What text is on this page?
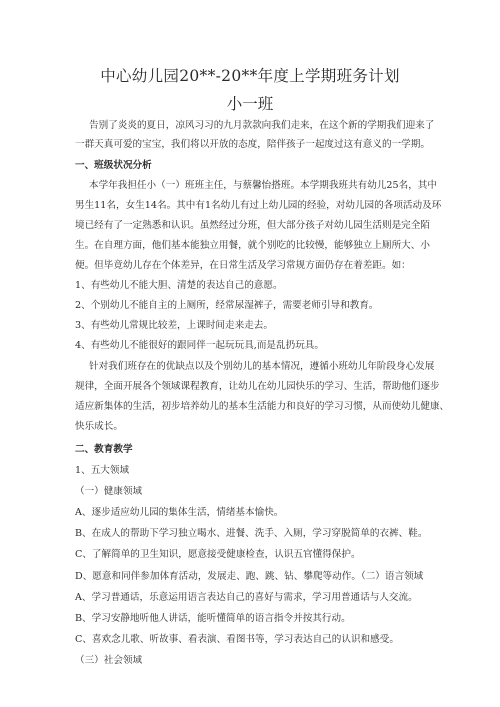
中心幼儿园20**-20**年度上学期班务计划
小一班
告别了炎炎的夏日，凉风习习的九月款款向我们走来，在这个新的学期我们迎来了
一群天真可爱的宝宝，我们将以开放的态度，陪伴孩子一起度过这有意义的一学期。
一、班级状况分析
本学年我担任小（一）班班主任，与蔡馨怡搭班。本学期我班共有幼儿25名，其中
男生11名，女生14名。其中有1名幼儿有过上幼儿园的经验，对幼儿园的各项活动及环
境已经有了一定熟悉和认识。虽然经过分班，但大部分孩子对幼儿园生活则是完全陌
生。在自理方面，他们基本能独立用餐，就个别吃的比较慢，能够独立上厕所大、小
便。但毕竟幼儿存在个体差异，在日常生活及学习常规方面仍存在着差距。如：
1、有些幼儿不能大胆、清楚的表达自己的意愿。
2、个别幼儿不能自主的上厕所，经常尿湿裤子，需要老师引导和教育。
3、有些幼儿常规比较差，上课时间走来走去。
4、有些幼儿不能很好的跟同伴一起玩玩具,而是乱扔玩具。
针对我们班存在的优缺点以及个别幼儿的基本情况，遵循小班幼儿年阶段身心发展
规律，全面开展各个领域课程教育，让幼儿在幼儿园快乐的学习、生活，帮助他们逐步
适应新集体的生活，初步培养幼儿的基本生活能力和良好的学习习惯，从而使幼儿健康、
快乐成长。
二、教育教学
1、五大领域
（一）健康领域
A、逐步适应幼儿园的集体生活，情绪基本愉快。
B、在成人的帮助下学习独立喝水、进餐、洗手、入厕，学习穿脱简单的衣裤、鞋。
C、了解简单的卫生知识，愿意接受健康检查，认识五官懂得保护。
D、愿意和同伴参加体育活动，发展走、跑、跳、钻、攀爬等动作。（二）语言领域
A、学习普通话，乐意运用语言表达自己的喜好与需求，学习用普通话与人交流。
B、学习安静地听他人讲话，能听懂简单的语言指令并按其行动。
C、喜欢念儿歌、听故事、看表演、看图书等，学习表达自己的认识和感受。
（三）社会领域
